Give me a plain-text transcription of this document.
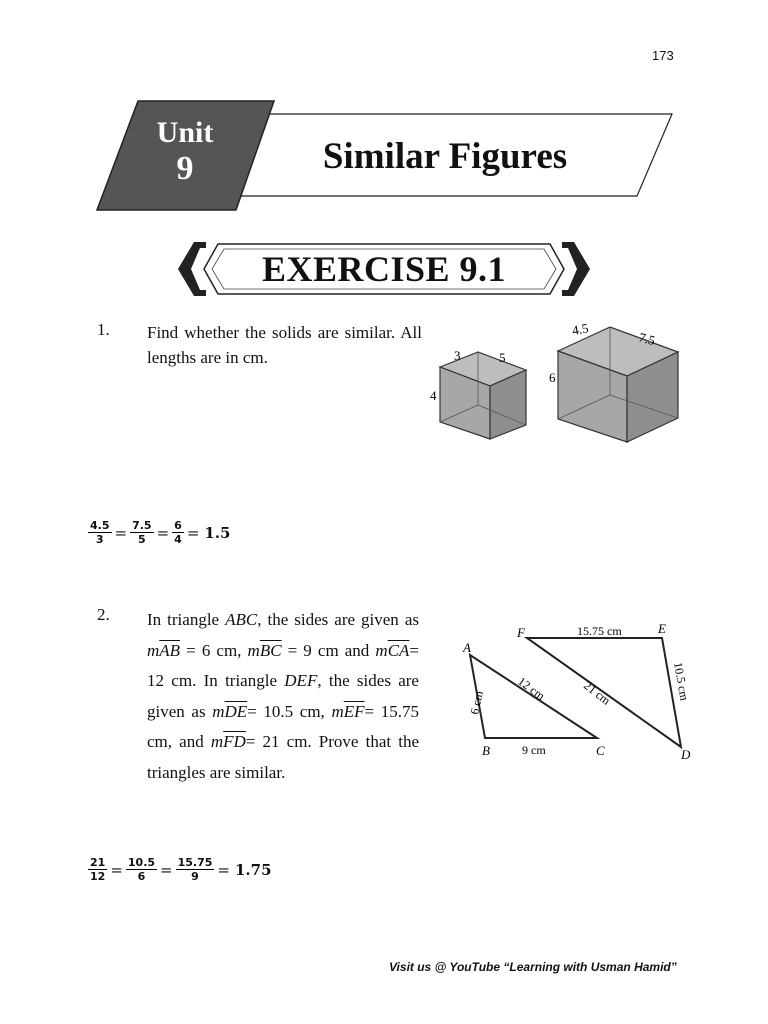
173
Unit
9	Similar Figures
EXERCISE 9.1
1. Find whether the solids are similar. All lengths are in cm.	3	5
4
4.5
7.5
6
$\frac{4.5}{3} = \frac{7.5}{5} = \frac{6}{4} = 1.5$
2. In triangle ABC, the sides are given as $m\overline{AB} = 6$ cm, $m\overline{BC} = 9$ cm and $m\overline{CA}= 12$ cm. In triangle DEF, the sides are given as $m\overline{DE}= 10.5$ cm, $m\overline{EF}= 15.75$ cm, and $m\overline{FD}= 21$ cm. Prove that the triangles are similar.
A
B	C
F	E
D
6 cm
9 cm
12 cm
15.75 cm
10.5 cm
21 cm
$\frac{21}{12} = \frac{10.5}{6} = \frac{15.75}{9} = 1.75$
Visit us @ YouTube “Learning with Usman Hamid”
